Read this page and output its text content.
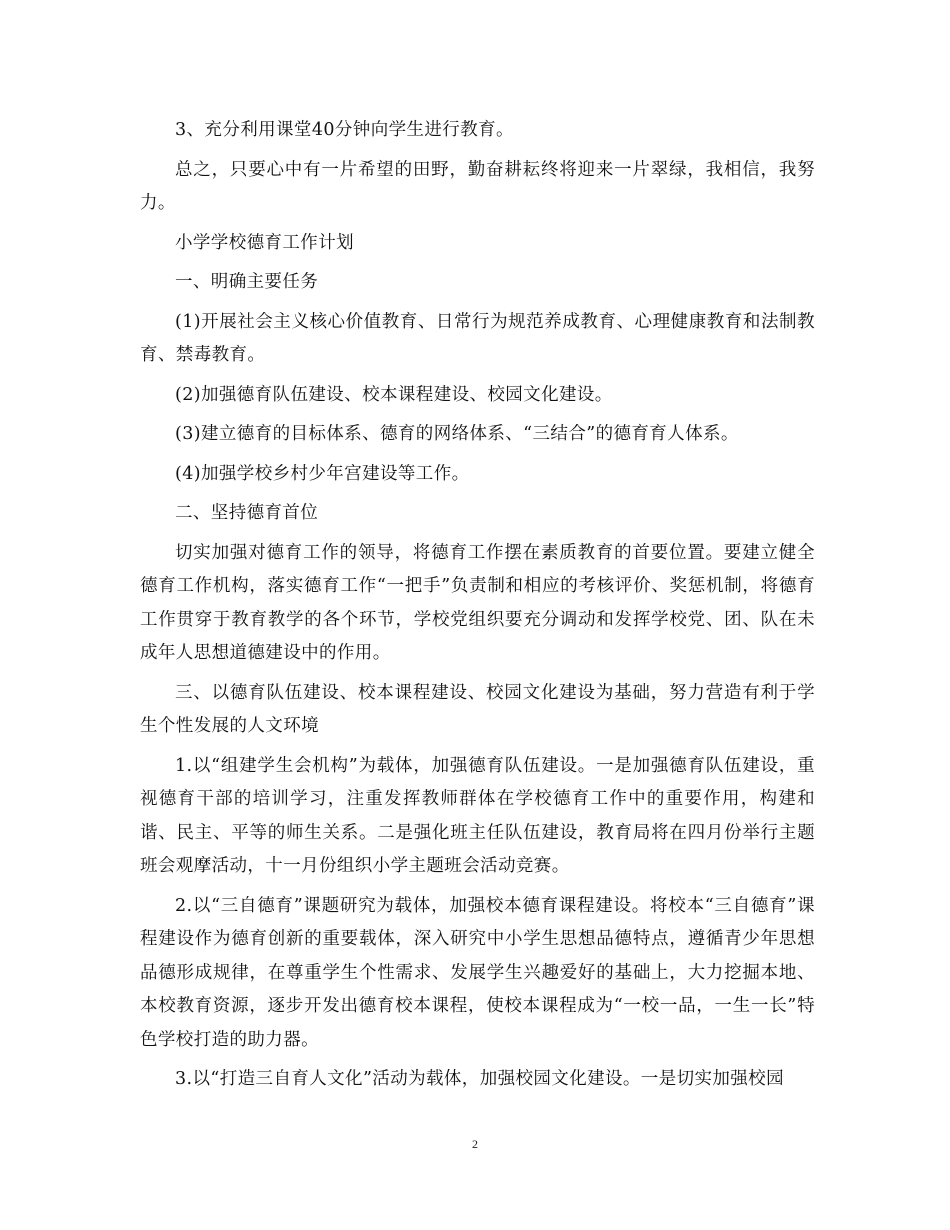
3、充分利用课堂40分钟向学生进行教育。

总之，只要心中有一片希望的田野，勤奋耕耘终将迎来一片翠绿，我相信，我努力。

小学学校德育工作计划

一、明确主要任务

(1)开展社会主义核心价值教育、日常行为规范养成教育、心理健康教育和法制教育、禁毒教育。

(2)加强德育队伍建设、校本课程建设、校园文化建设。

(3)建立德育的目标体系、德育的网络体系、“三结合”的德育育人体系。

(4)加强学校乡村少年宫建设等工作。

二、坚持德育首位

切实加强对德育工作的领导，将德育工作摆在素质教育的首要位置。要建立健全德育工作机构，落实德育工作“一把手”负责制和相应的考核评价、奖惩机制，将德育工作贯穿于教育教学的各个环节，学校党组织要充分调动和发挥学校党、团、队在未成年人思想道德建设中的作用。

三、以德育队伍建设、校本课程建设、校园文化建设为基础，努力营造有利于学生个性发展的人文环境

1.以“组建学生会机构”为载体，加强德育队伍建设。一是加强德育队伍建设，重视德育干部的培训学习，注重发挥教师群体在学校德育工作中的重要作用，构建和谐、民主、平等的师生关系。二是强化班主任队伍建设，教育局将在四月份举行主题班会观摩活动，十一月份组织小学主题班会活动竞赛。

2.以“三自德育”课题研究为载体，加强校本德育课程建设。将校本“三自德育”课程建设作为德育创新的重要载体，深入研究中小学生思想品德特点，遵循青少年思想品德形成规律，在尊重学生个性需求、发展学生兴趣爱好的基础上，大力挖掘本地、本校教育资源，逐步开发出德育校本课程，使校本课程成为“一校一品，一生一长”特色学校打造的助力器。

3.以“打造三自育人文化”活动为载体，加强校园文化建设。一是切实加强校园

2
